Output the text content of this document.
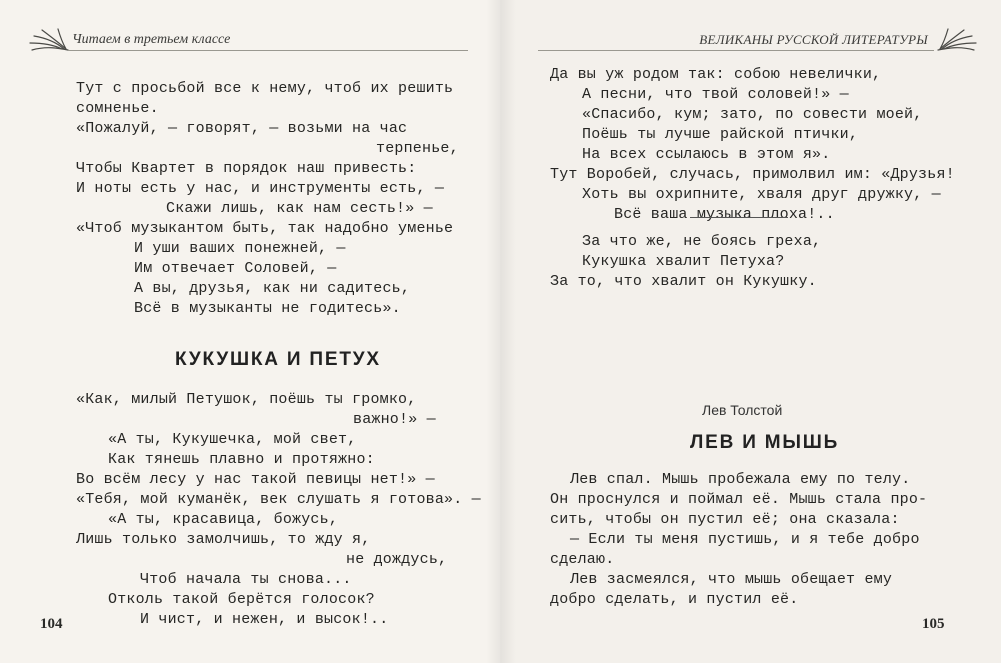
Читаем в третьем классе
Тут с просьбой все к нему, чтоб их решить
сомненье.
«Пожалуй, — говорят, — возьми на час
терпенье,
Чтобы Квартет в порядок наш привесть:
И ноты есть у нас, и инструменты есть, —
Скажи лишь, как нам сесть!» —
«Чтоб музыкантом быть, так надобно уменье
И уши ваших понежней, —
Им отвечает Соловей, —
А вы, друзья, как ни садитесь,
Всё в музыканты не годитесь».
КУКУШКА И ПЕТУХ
«Как, милый Петушок, поёшь ты громко,
важно!» —
«А ты, Кукушечка, мой свет,
Как тянешь плавно и протяжно:
Во всём лесу у нас такой певицы нет!» —
«Тебя, мой куманёк, век слушать я готова». —
«А ты, красавица, божусь,
Лишь только замолчишь, то жду я,
не дождусь,
Чтоб начала ты снова...
Отколь такой берётся голосок?
И чист, и нежен, и высок!..
104
ВЕЛИКАНЫ РУССКОЙ ЛИТЕРАТУРЫ
Да вы уж родом так: собою невелички,
А песни, что твой соловей!» —
«Спасибо, кум; зато, по совести моей,
Поёшь ты лучше райской птички,
На всех ссылаюсь в этом я».
Тут Воробей, случась, примолвил им: «Друзья!
Хоть вы охрипните, хваля друг дружку, —
Всё ваша музыка плоха!..
За что же, не боясь греха,
Кукушка хвалит Петуха?
За то, что хвалит он Кукушку.
Лев Толстой
ЛЕВ И МЫШЬ
Лев спал. Мышь пробежала ему по телу.
Он проснулся и поймал её. Мышь стала про-
сить, чтобы он пустил её; она сказала:
— Если ты меня пустишь, и я тебе добро
сделаю.
Лев засмеялся, что мышь обещает ему
добро сделать, и пустил её.
105
